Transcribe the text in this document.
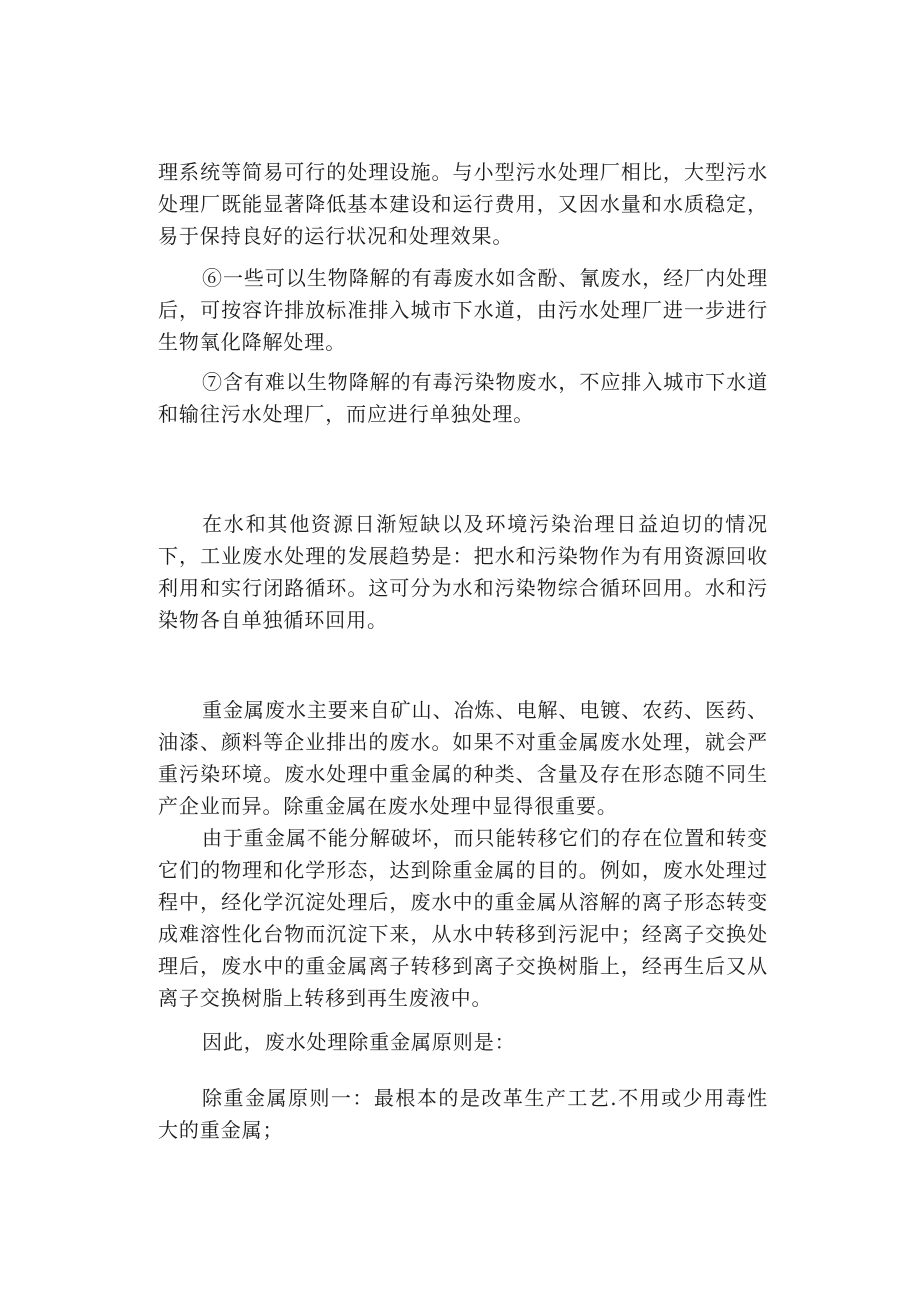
理系统等简易可行的处理设施。与小型污水处理厂相比，大型污水处理厂既能显著降低基本建设和运行费用，又因水量和水质稳定，易于保持良好的运行状况和处理效果。

⑥一些可以生物降解的有毒废水如含酚、氰废水，经厂内处理后，可按容许排放标准排入城市下水道，由污水处理厂进一步进行生物氧化降解处理。

⑦含有难以生物降解的有毒污染物废水，不应排入城市下水道和输往污水处理厂，而应进行单独处理。

在水和其他资源日渐短缺以及环境污染治理日益迫切的情况下，工业废水处理的发展趋势是：把水和污染物作为有用资源回收利用和实行闭路循环。这可分为水和污染物综合循环回用。水和污染物各自单独循环回用。

重金属废水主要来自矿山、冶炼、电解、电镀、农药、医药、油漆、颜料等企业排出的废水。如果不对重金属废水处理，就会严重污染环境。废水处理中重金属的种类、含量及存在形态随不同生产企业而异。除重金属在废水处理中显得很重要。

由于重金属不能分解破坏，而只能转移它们的存在位置和转变它们的物理和化学形态，达到除重金属的目的。例如，废水处理过程中，经化学沉淀处理后，废水中的重金属从溶解的离子形态转变成难溶性化台物而沉淀下来，从水中转移到污泥中；经离子交换处理后，废水中的重金属离子转移到离子交换树脂上，经再生后又从离子交换树脂上转移到再生废液中。

因此，废水处理除重金属原则是：

除重金属原则一：最根本的是改革生产工艺.不用或少用毒性大的重金属；
